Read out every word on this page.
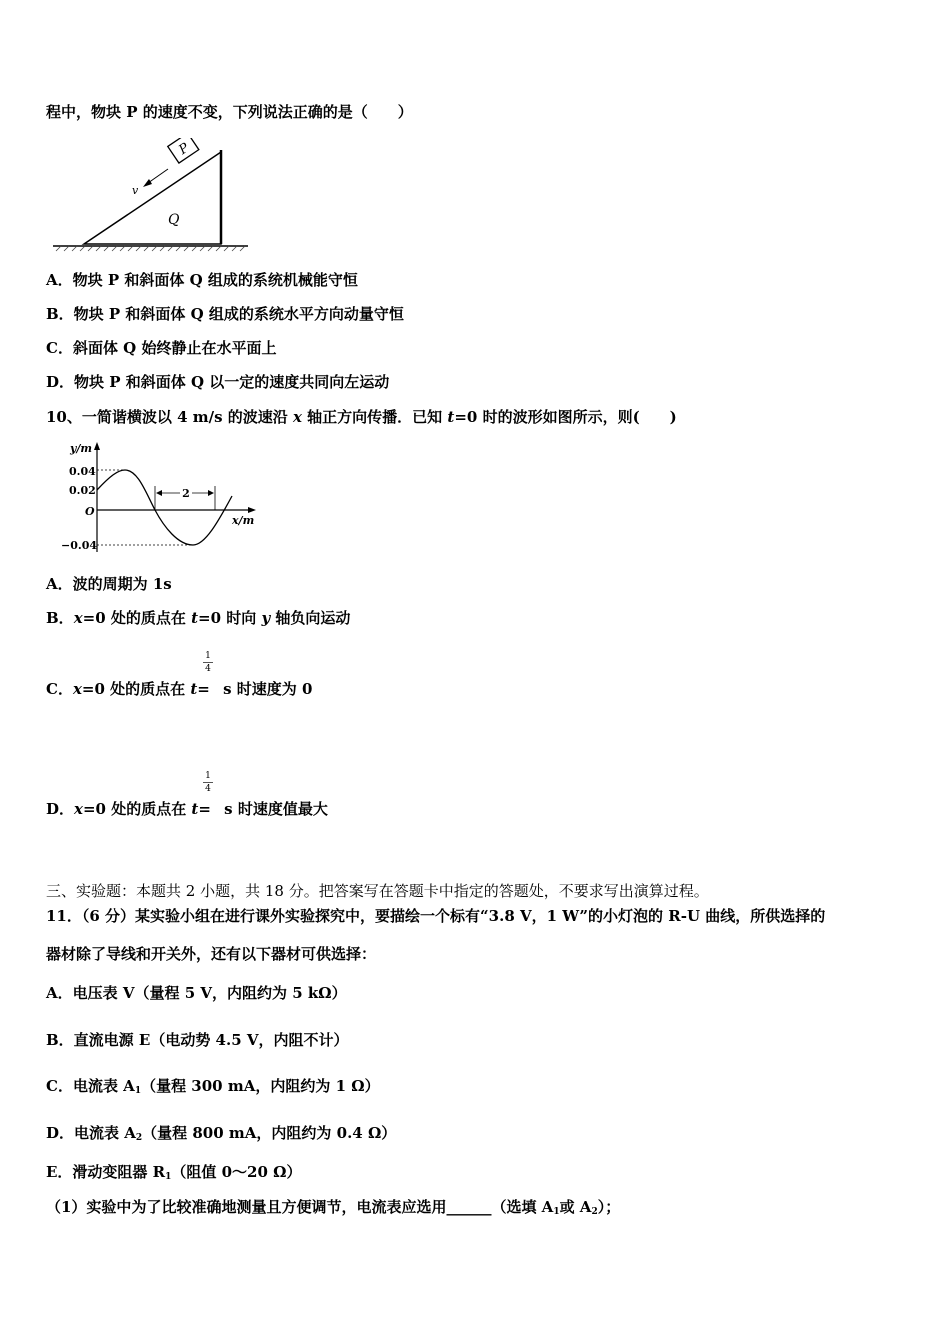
程中，物块 P 的速度不变，下列说法正确的是（　　）
P
v
Q
A．物块 P 和斜面体 Q 组成的系统机械能守恒
B．物块 P 和斜面体 Q 组成的系统水平方向动量守恒
C．斜面体 Q 始终静止在水平面上
D．物块 P 和斜面体 Q 以一定的速度共同向左运动
10、一简谐横波以 4 m/s 的波速沿 x 轴正方向传播．已知 t=0 时的波形如图所示，则(　　)
y/m
x/m
0.04
0.02
O
−0.04
2
A．波的周期为 1s
B．x=0 处的质点在 t=0 时向 y 轴负向运动
1
4
C．x=0 处的质点在 t= s 时速度为 0
1
4
D．x=0 处的质点在 t= s 时速度值最大
三、实验题：本题共 2 小题，共 18 分。把答案写在答题卡中指定的答题处，不要求写出演算过程。
11．（6 分）某实验小组在进行课外实验探究中，要描绘一个标有“3.8 V，1 W”的小灯泡的 R-U 曲线，所供选择的
器材除了导线和开关外，还有以下器材可供选择：
A．电压表 V（量程 5 V，内阻约为 5 kΩ）
B．直流电源 E（电动势 4.5 V，内阻不计）
C．电流表 $A_1$（量程 300 mA，内阻约为 1 Ω）
D．电流表 $A_2$（量程 800 mA，内阻约为 0.4 Ω）
E．滑动变阻器 $R_1$（阻值 0～20 Ω）
（1）实验中为了比较准确地测量且方便调节，电流表应选用______（选填 $A_1$或 $A_2$）；
